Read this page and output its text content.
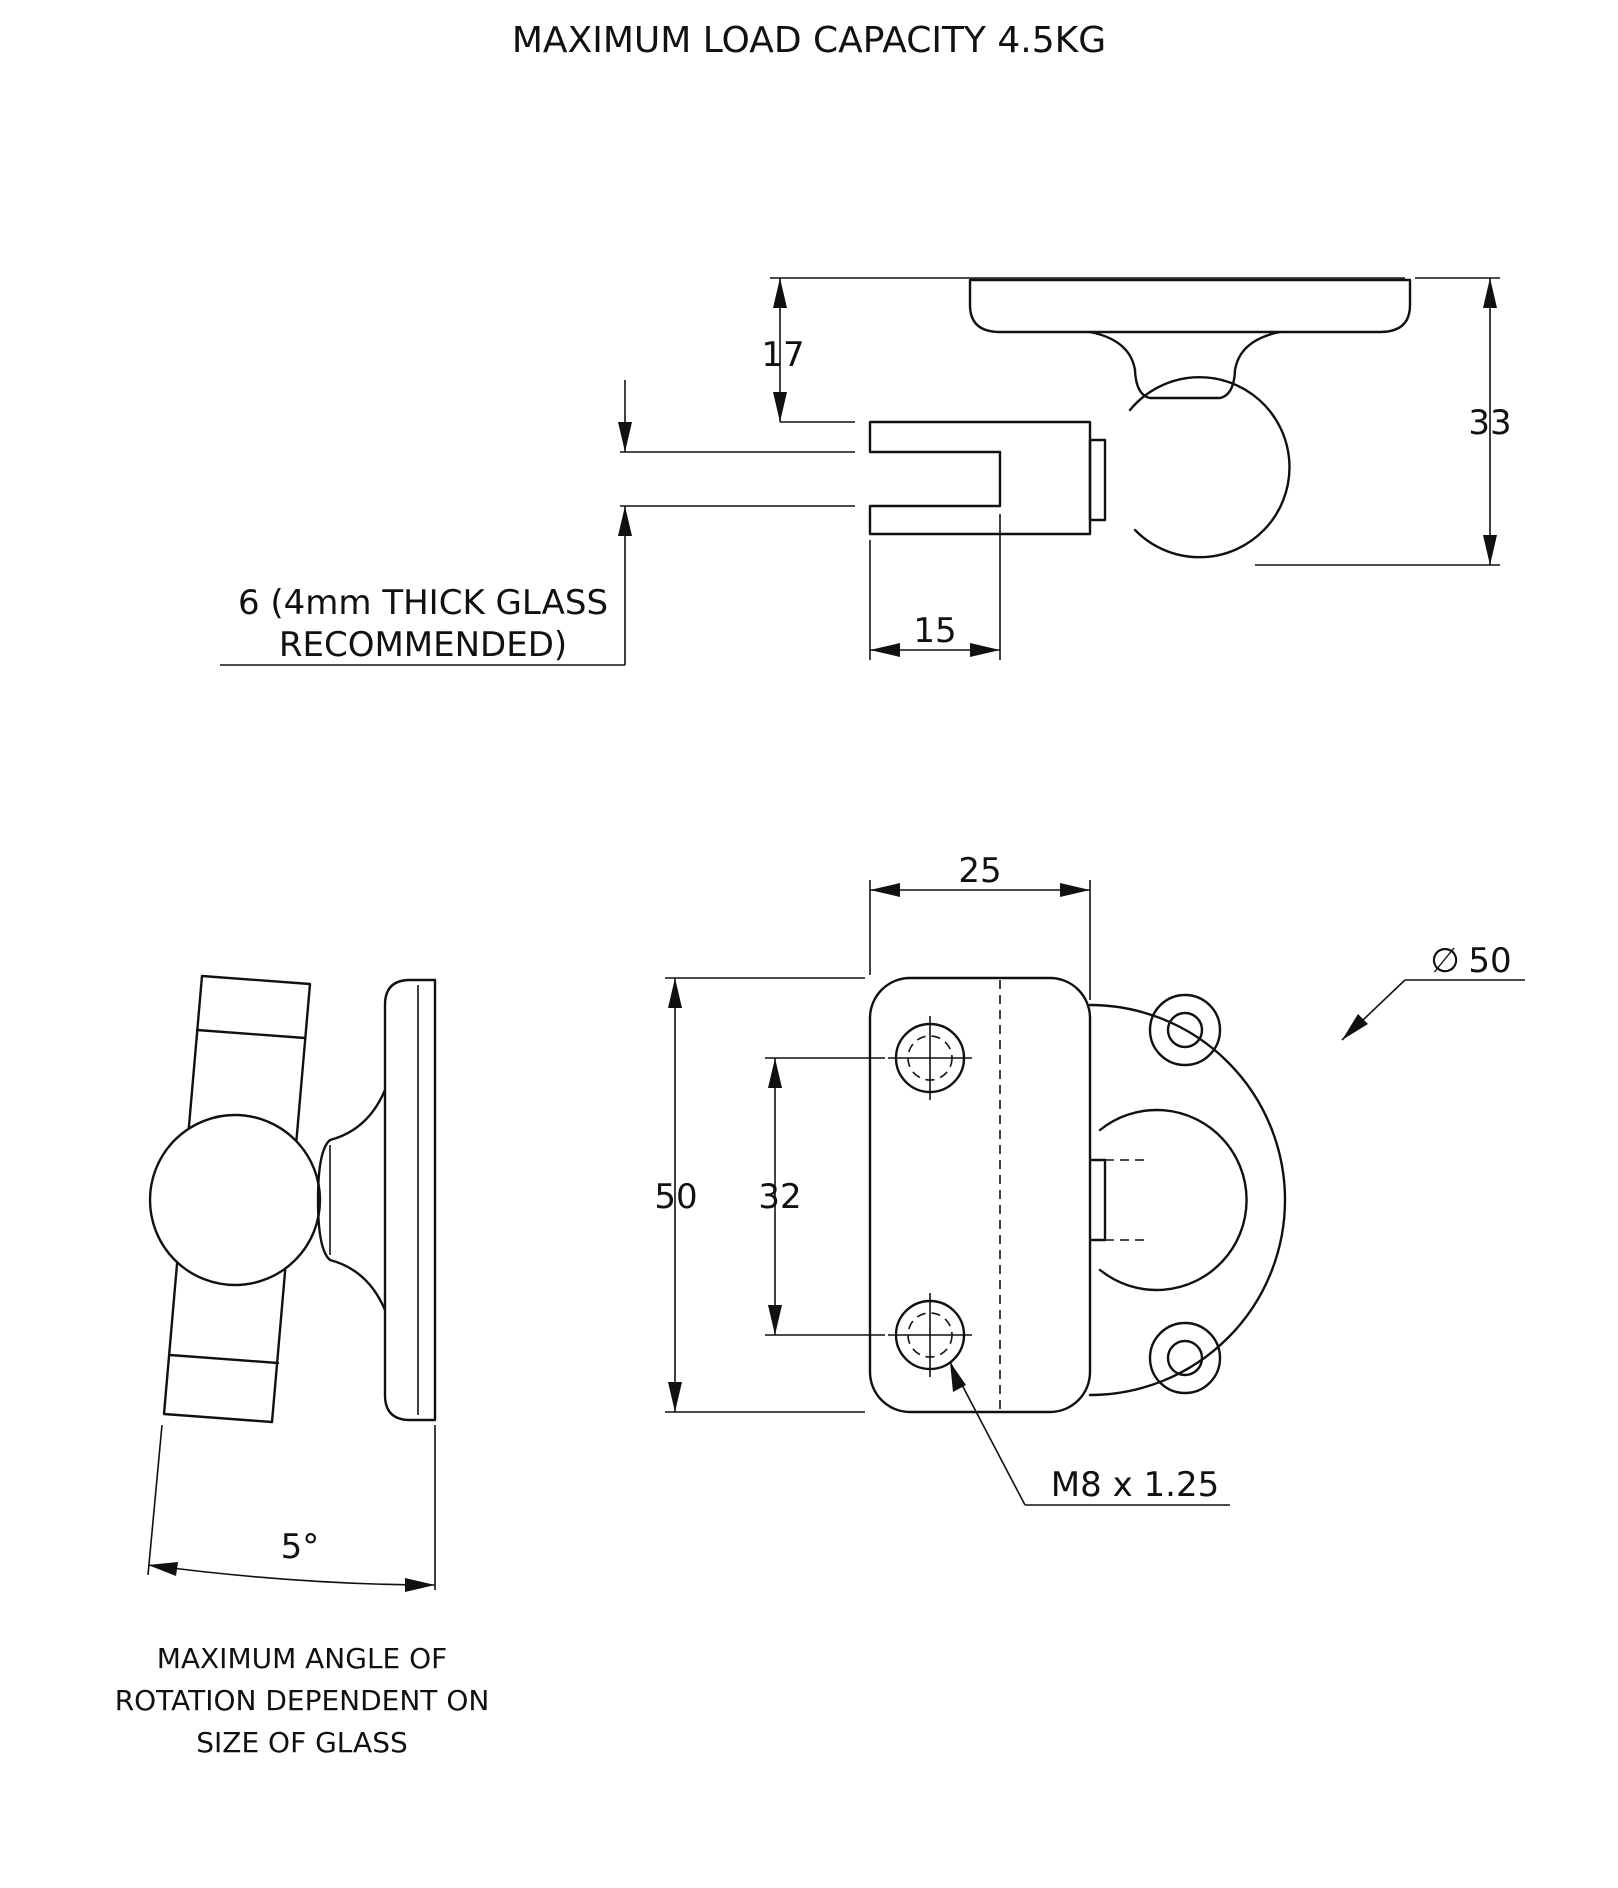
MAXIMUM LOAD CAPACITY 4.5KG
17
33
15
6 (4mm THICK GLASS
RECOMMENDED)
5°
MAXIMUM ANGLE OF
ROTATION DEPENDENT ON
SIZE OF GLASS
25
50 32
∅ 50
M8 x 1.25
